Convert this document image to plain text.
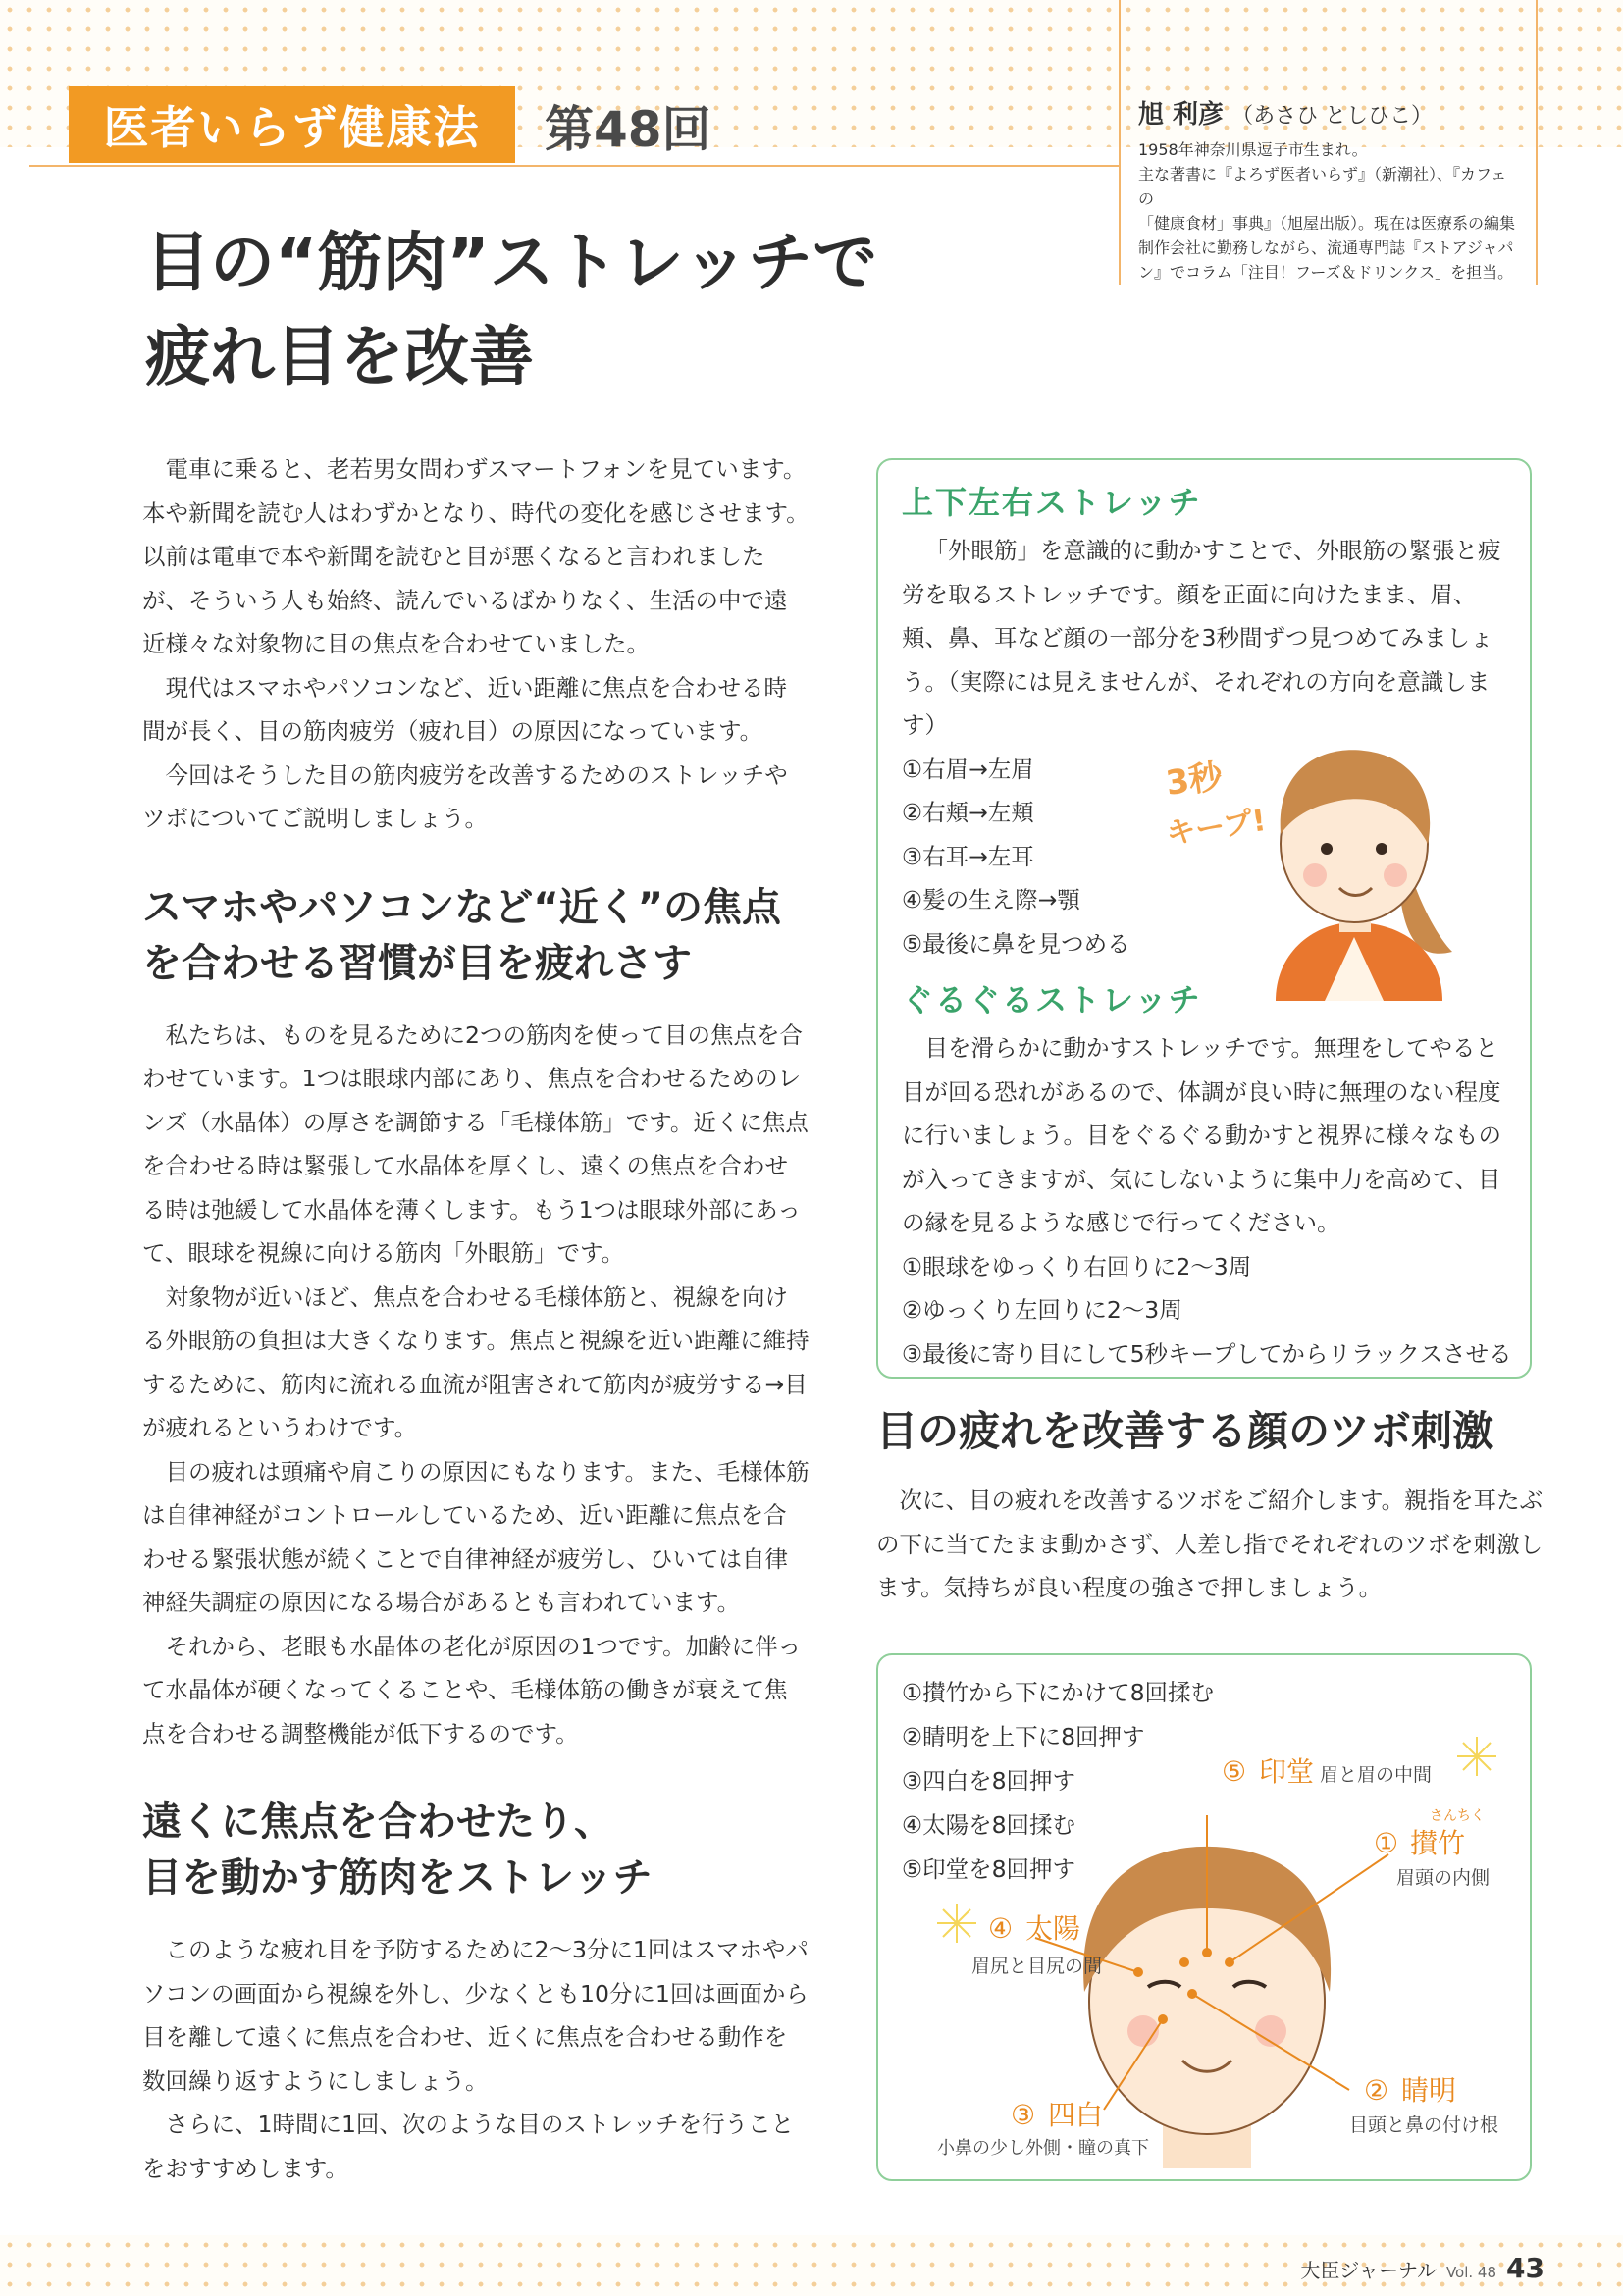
医者いらず健康法	第48回	旭 利彦 （あさひ としひこ）
1958年神奈川県逗子市生まれ。
主な著書に『よろず医者いらず』（新潮社）、『カフェの
「健康食材」事典』（旭屋出版）。現在は医療系の編集
制作会社に勤務しながら、流通専門誌『ストアジャパ
ン』でコラム「注目！フーズ＆ドリンクス」を担当。
目の“筋肉”ストレッチで
疲れ目を改善

電車に乗ると、老若男女問わずスマートフォンを見ています。本や新聞を読む人はわずかとなり、時代の変化を感じさせます。以前は電車で本や新聞を読むと目が悪くなると言われましたが、そういう人も始終、読んでいるばかりなく、生活の中で遠近様々な対象物に目の焦点を合わせていました。

現代はスマホやパソコンなど、近い距離に焦点を合わせる時間が長く、目の筋肉疲労（疲れ目）の原因になっています。

今回はそうした目の筋肉疲労を改善するためのストレッチやツボについてご説明しましょう。

スマホやパソコンなど“近く”の焦点
を合わせる習慣が目を疲れさす

私たちは、ものを見るために2つの筋肉を使って目の焦点を合わせています。1つは眼球内部にあり、焦点を合わせるためのレンズ（水晶体）の厚さを調節する「毛様体筋」です。近くに焦点を合わせる時は緊張して水晶体を厚くし、遠くの焦点を合わせる時は弛緩して水晶体を薄くします。もう1つは眼球外部にあって、眼球を視線に向ける筋肉「外眼筋」です。

対象物が近いほど、焦点を合わせる毛様体筋と、視線を向ける外眼筋の負担は大きくなります。焦点と視線を近い距離に維持するために、筋肉に流れる血流が阻害されて筋肉が疲労する→目が疲れるというわけです。

目の疲れは頭痛や肩こりの原因にもなります。また、毛様体筋は自律神経がコントロールしているため、近い距離に焦点を合わせる緊張状態が続くことで自律神経が疲労し、ひいては自律神経失調症の原因になる場合があるとも言われています。

それから、老眼も水晶体の老化が原因の1つです。加齢に伴って水晶体が硬くなってくることや、毛様体筋の働きが衰えて焦点を合わせる調整機能が低下するのです。

遠くに焦点を合わせたり、
目を動かす筋肉をストレッチ

このような疲れ目を予防するために2〜3分に1回はスマホやパソコンの画面から視線を外し、少なくとも10分に1回は画面から目を離して遠くに焦点を合わせ、近くに焦点を合わせる動作を数回繰り返すようにしましょう。

さらに、1時間に1回、次のような目のストレッチを行うことをおすすめします。

上下左右ストレッチ

「外眼筋」を意識的に動かすことで、外眼筋の緊張と疲労を取るストレッチです。顔を正面に向けたまま、眉、頬、鼻、耳など顔の一部分を3秒間ずつ見つめてみましょう。（実際には見えませんが、それぞれの方向を意識します）

①右眉→左眉
②右頬→左頬
③右耳→左耳
④髪の生え際→顎
⑤最後に鼻を見つめる
ぐるぐるストレッチ

目を滑らかに動かすストレッチです。無理をしてやると目が回る恐れがあるので、体調が良い時に無理のない程度に行いましょう。目をぐるぐる動かすと視界に様々なものが入ってきますが、気にしないように集中力を高めて、目の縁を見るような感じで行ってください。

①眼球をゆっくり右回りに2〜3周
②ゆっくり左回りに2〜3周
③最後に寄り目にして5秒キープしてからリラックスさせる
3秒
キープ!
目の疲れを改善する顔のツボ刺激

次に、目の疲れを改善するツボをご紹介します。親指を耳たぶの下に当てたまま動かさず、人差し指でそれぞれのツボを刺激します。気持ちが良い程度の強さで押しましょう。

①攅竹から下にかけて8回揉む
②睛明を上下に8回押す
③四白を8回押す
④太陽を8回揉む
⑤印堂を8回押す
⑤ 印堂 眉と眉の中間
さんちく
① 攅竹
眉頭の内側
④ 太陽
眉尻と目尻の間
② 睛明
目頭と鼻の付け根
③ 四白
小鼻の少し外側・瞳の真下
大臣ジャーナル Vol. 48 43
